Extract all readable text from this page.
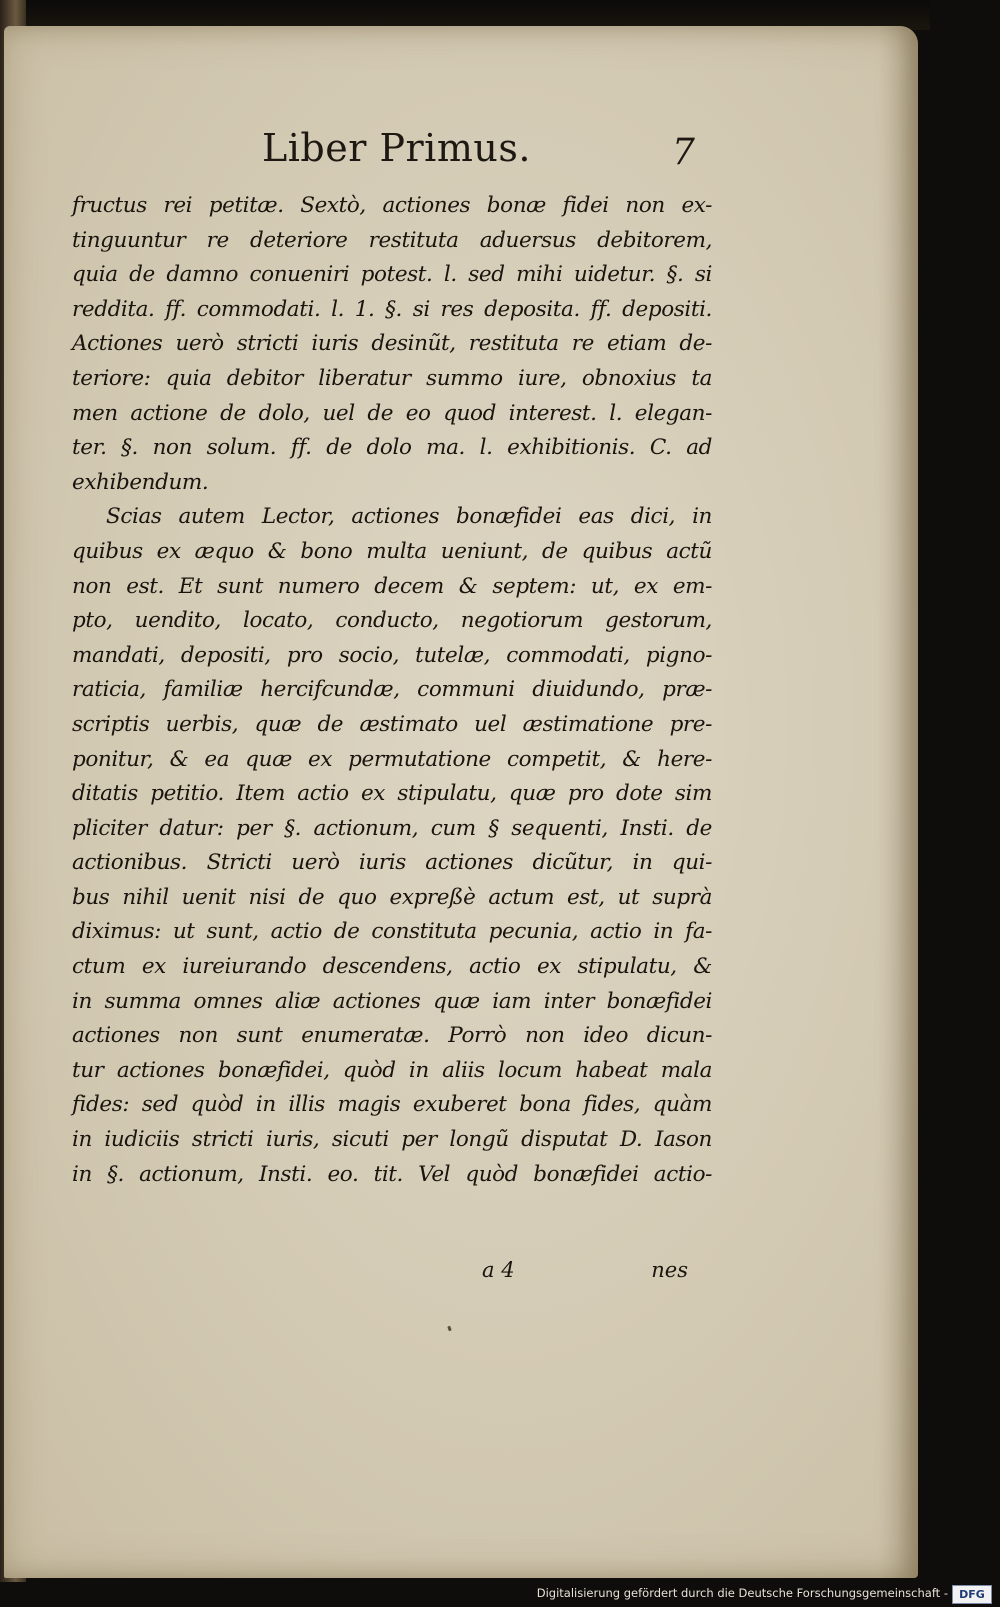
Liber Primus.	7
fructus rei petitæ. Sextò, actiones bonæ fidei non ex-
tinguuntur re deteriore restituta aduersus debitorem,
quia de damno conueniri potest. l. sed mihi uidetur. §. si
reddita. ff. commodati. l. 1. §. si res deposita. ff. depositi.
Actiones uerò stricti iuris desinũt, restituta re etiam de-
teriore: quia debitor liberatur summo iure, obnoxius ta
men actione de dolo, uel de eo quod interest. l. elegan-
ter. §. non solum. ff. de dolo ma. l. exhibitionis. C. ad
exhibendum.
Scias autem Lector, actiones bonæfidei eas dici, in
quibus ex æquo & bono multa ueniunt, de quibus actũ
non est. Et sunt numero decem & septem: ut, ex em-
pto, uendito, locato, conducto, negotiorum gestorum,
mandati, depositi, pro socio, tutelæ, commodati, pigno-
raticia, familiæ hercifcundæ, communi diuidundo, præ-
scriptis uerbis, quæ de æstimato uel æstimatione pre-
ponitur, & ea quæ ex permutatione competit, & here-
ditatis petitio. Item actio ex stipulatu, quæ pro dote sim
pliciter datur: per §. actionum, cum § sequenti, Insti. de
actionibus. Stricti uerò iuris actiones dicũtur, in qui-
bus nihil uenit nisi de quo expreßè actum est, ut suprà
diximus: ut sunt, actio de constituta pecunia, actio in fa-
ctum ex iureiurando descendens, actio ex stipulatu, &
in summa omnes aliæ actiones quæ iam inter bonæfidei
actiones non sunt enumeratæ. Porrò non ideo dicun-
tur actiones bonæfidei, quòd in aliis locum habeat mala
fides: sed quòd in illis magis exuberet bona fides, quàm
in iudiciis stricti iuris, sicuti per longũ disputat D. Iason
in §. actionum, Insti. eo. tit. Vel quòd bonæfidei actio-
a 4	nes
Digitalisierung gefördert durch die Deutsche Forschungsgemeinschaft -	DFG
